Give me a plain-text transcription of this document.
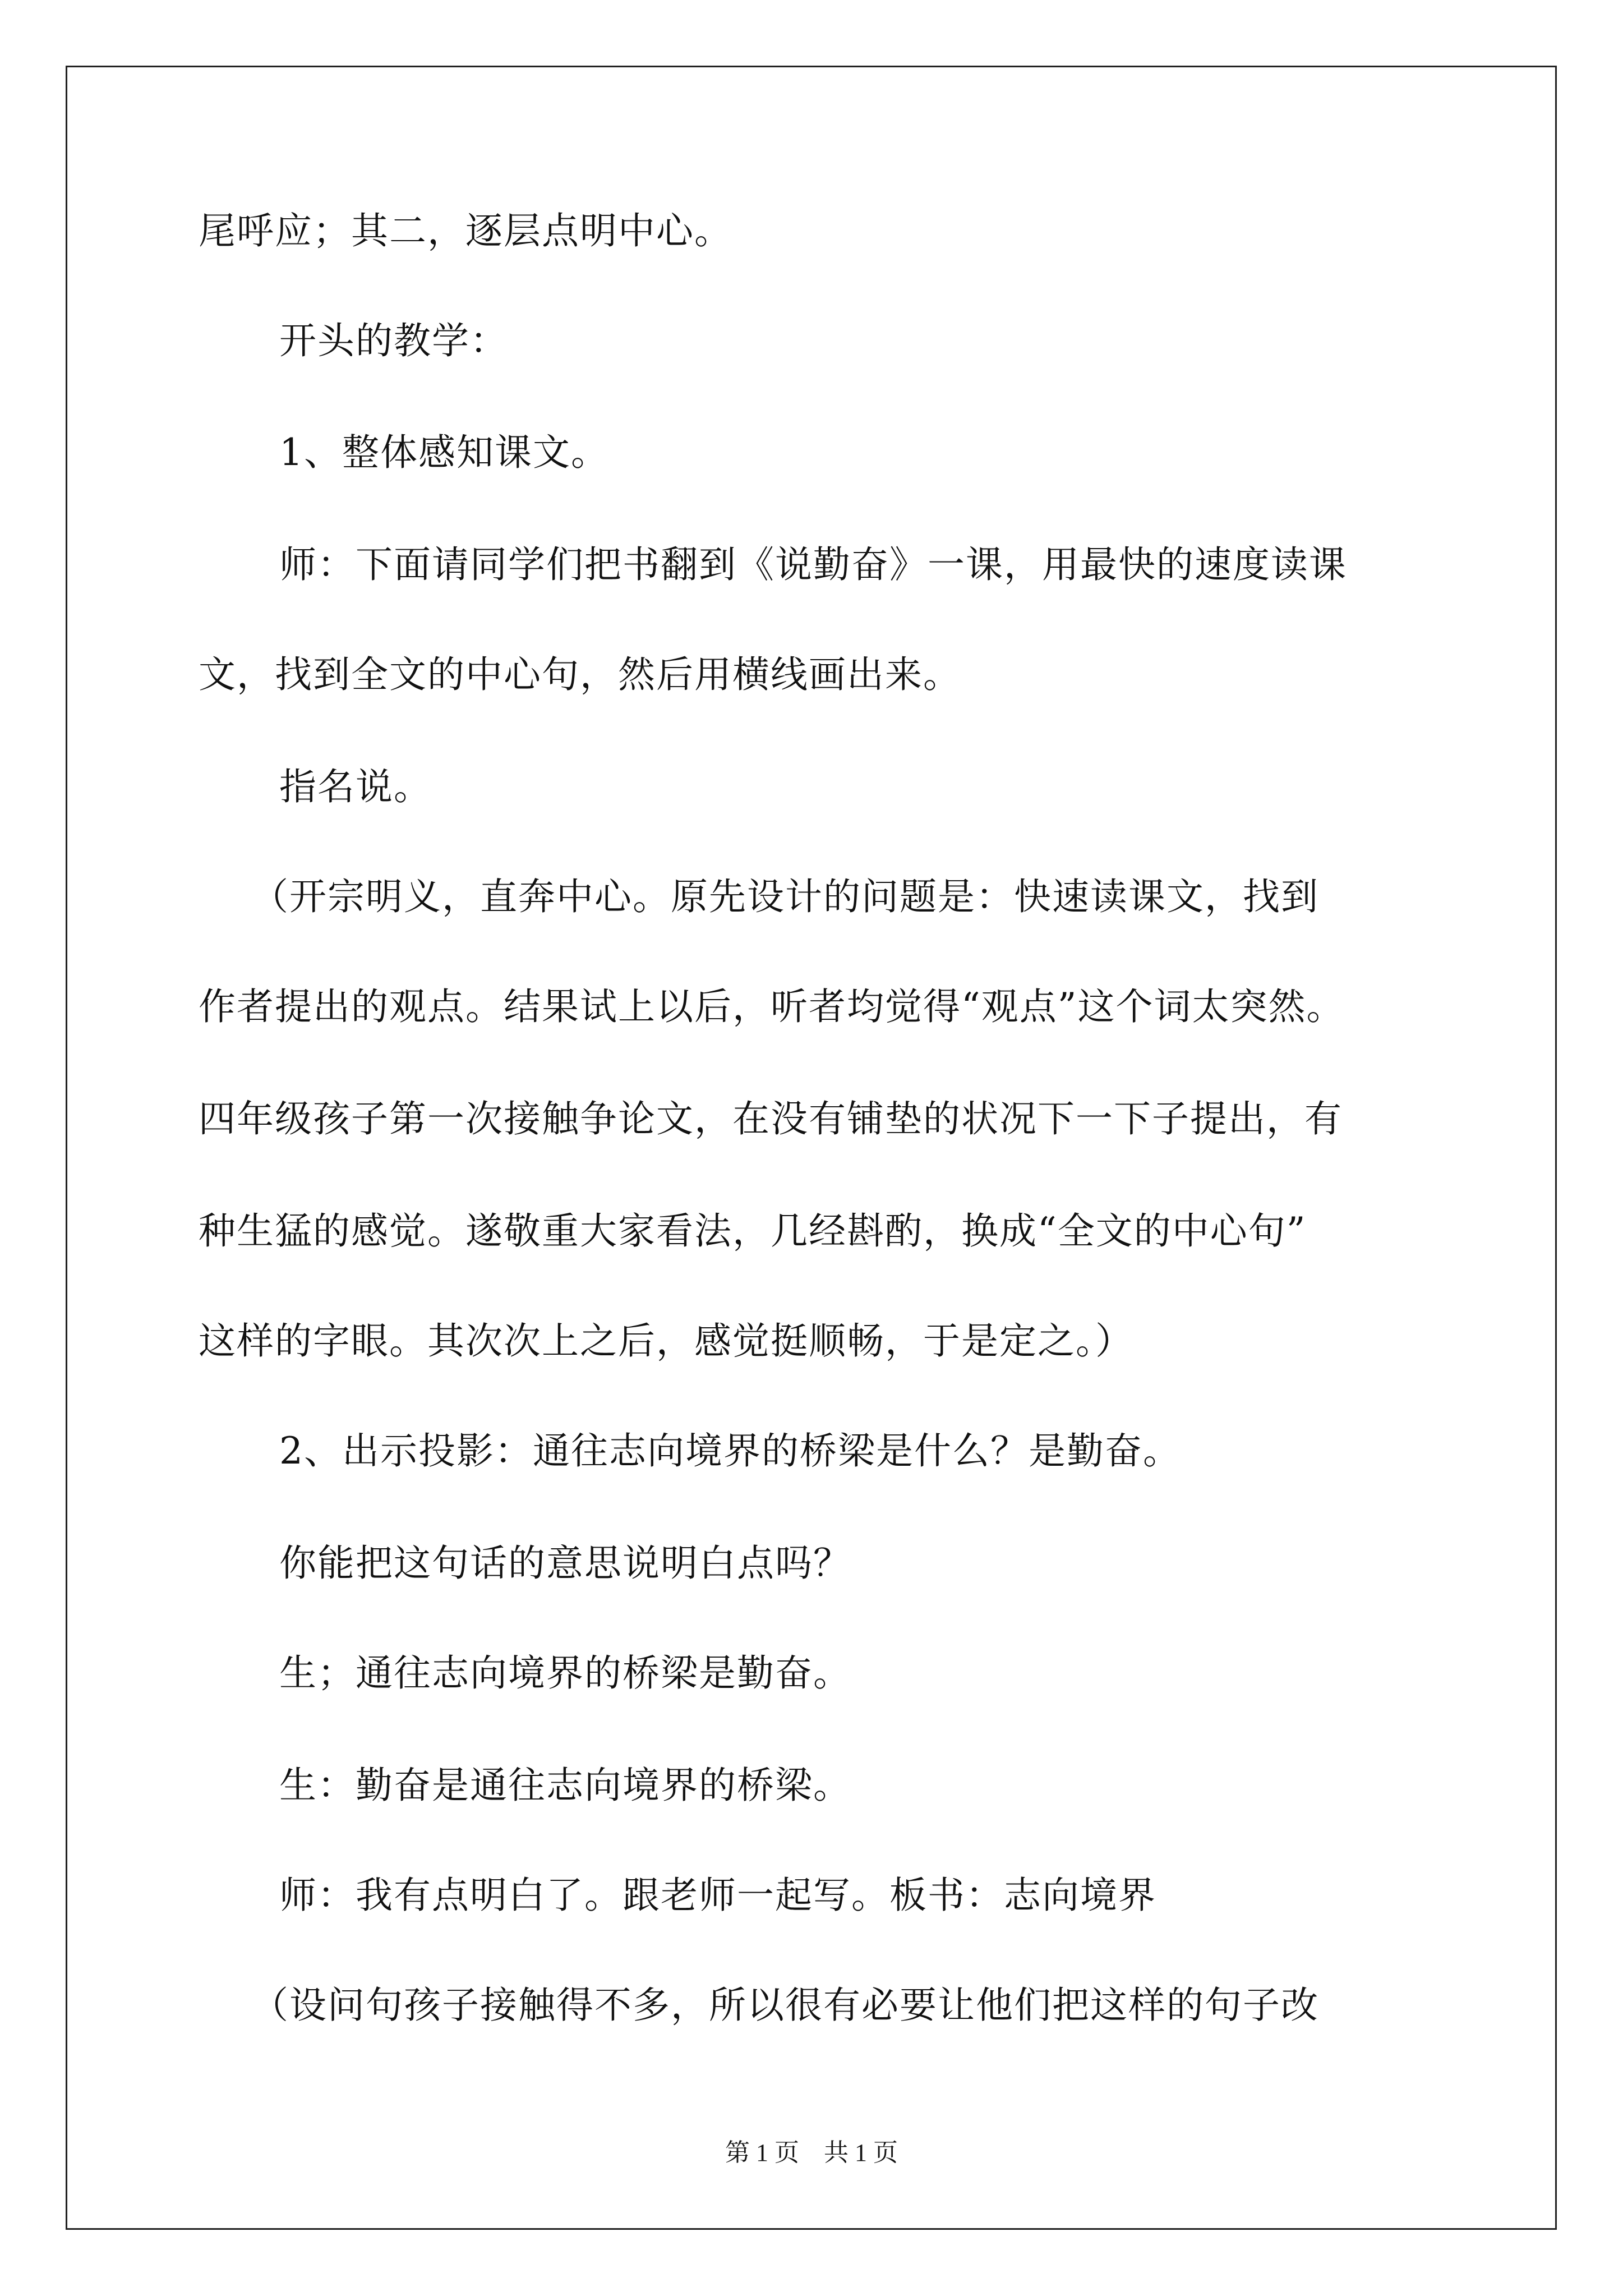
尾呼应；其二，逐层点明中心。

开头的教学：

1、整体感知课文。

师：下面请同学们把书翻到《说勤奋》一课，用最快的速度读课

文，找到全文的中心句，然后用横线画出来。

指名说。

（开宗明义，直奔中心。原先设计的问题是：快速读课文，找到

作者提出的观点。结果试上以后，听者均觉得“观点”这个词太突然。

四年级孩子第一次接触争论文，在没有铺垫的状况下一下子提出，有

种生猛的感觉。遂敬重大家看法，几经斟酌，换成“全文的中心句”

这样的字眼。其次次上之后，感觉挺顺畅，于是定之。）

2、出示投影：通往志向境界的桥梁是什么？是勤奋。

你能把这句话的意思说明白点吗？

生；通往志向境界的桥梁是勤奋。

生：勤奋是通往志向境界的桥梁。

师：我有点明白了。跟老师一起写。板书：志向境界

（设问句孩子接触得不多，所以很有必要让他们把这样的句子改

第 1 页 共 1 页
